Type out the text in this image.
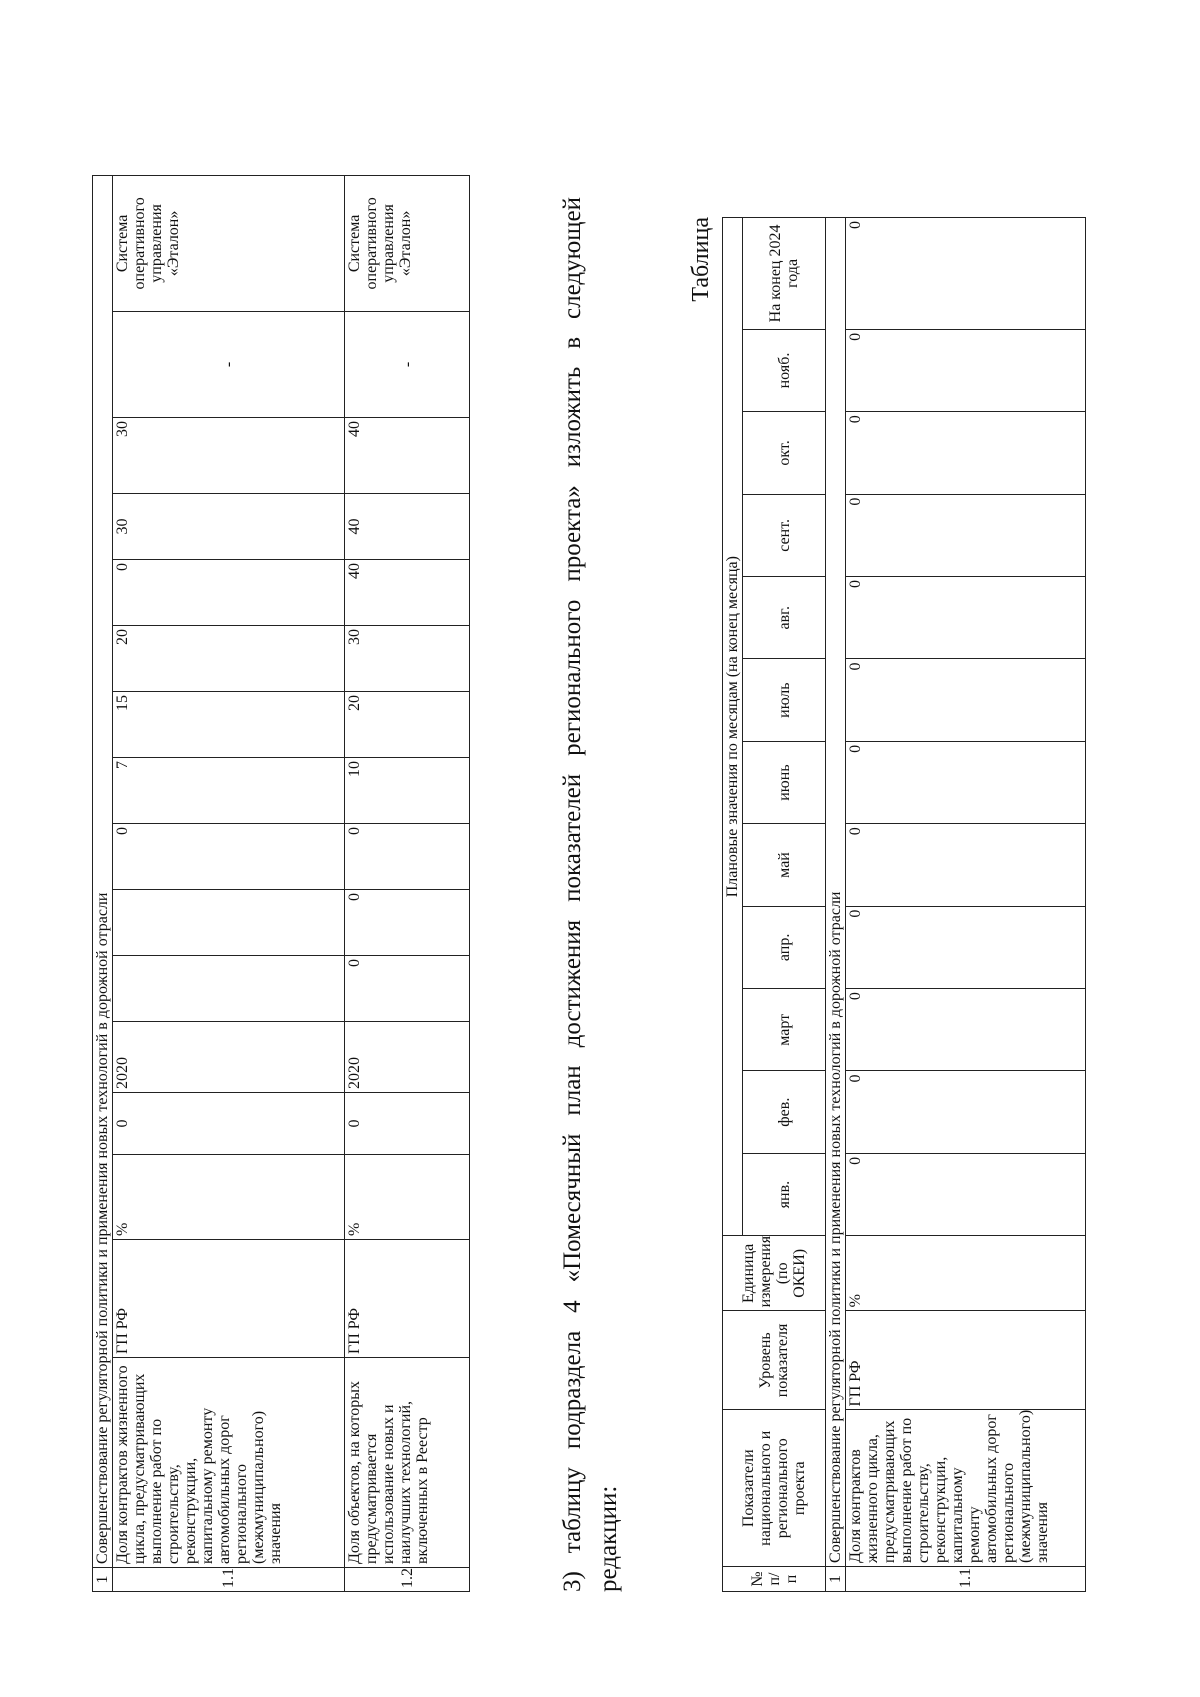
1	Совершенствование регуляторной политики и применения новых технологий в дорожной отрасли															
1.1	Доля контрактов жизненного цикла, предусматривающих выполнение работ по строительству, реконструкции, капитальному ремонту автомобильных дорог регионального (межмуниципального) значения	ГП РФ	%	0	2020			0	7	15	20	0	30	30	-	Система оперативного управления «Эталон»
1.2	Доля объектов, на которых предусматривается использование новых и наилучших технологий, включенных в Реестр	ГП РФ	%	0	2020	0	0	0	10	20	30	40	40	40	-	Система оперативного управления «Эталон»	3) таблицу подраздела 4 «Помесячный план достижения показателей регионального проекта» изложить в следующей редакции:
Таблица
№ п/п	Показатели национального и регионального проекта	Уровень показателя	Единица измерения (по ОКЕИ)	Плановые значения по месяцам (на конец месяца)											
				янв.	фев.	март	апр.	май	июнь	июль	авг.	сент.	окт.	нояб.	На конец 2024 года
1	Совершенствование регуляторной политики и применения новых технологий в дорожной отрасли														
1.1	Доля контрактов жизненного цикла, предусматривающих выполнение работ по строительству, реконструкции, капитальному ремонту автомобильных дорог регионального (межмуниципального) значения	ГП РФ	%	0	0	0	0	0	0	0	0	0	0	0	0
